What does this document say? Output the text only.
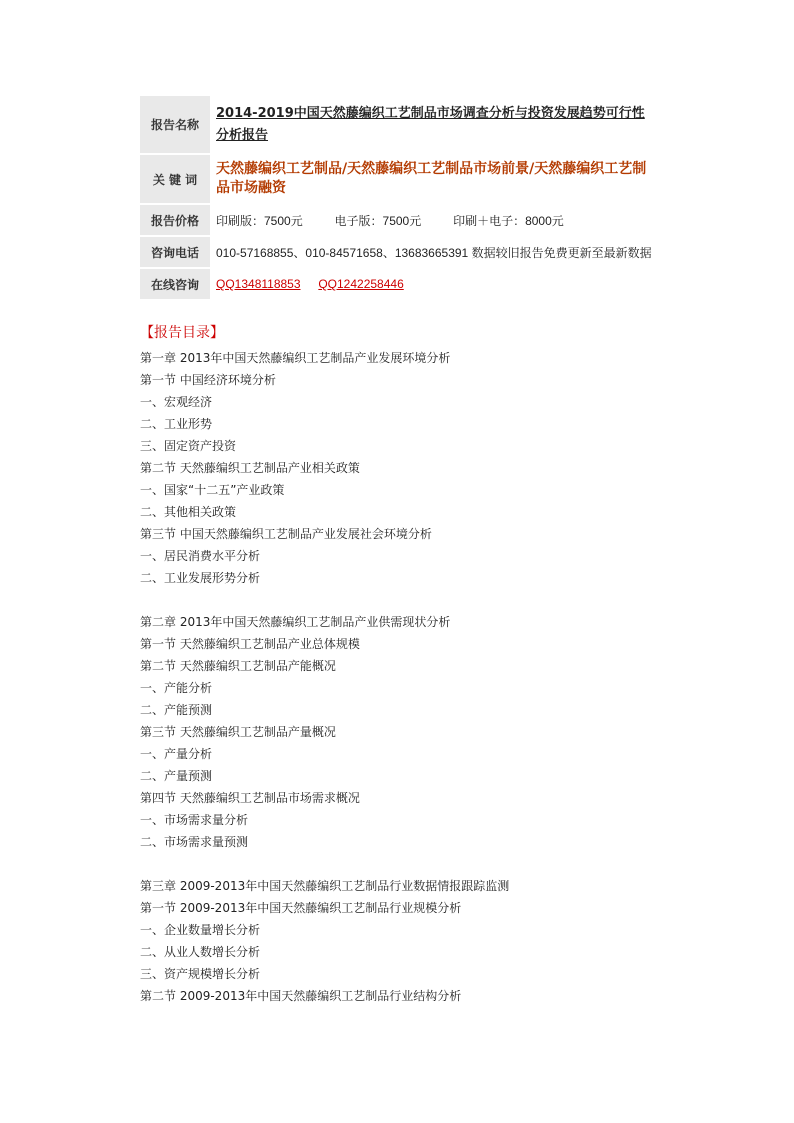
报告名称	2014-2019中国天然藤编织工艺制品市场调查分析与投资发展趋势可行性分析报告
关 键 词	天然藤编织工艺制品/天然藤编织工艺制品市场前景/天然藤编织工艺制品市场融资
报告价格	印刷版：7500元 电子版：7500元 印刷＋电子：8000元
咨询电话	010-57168855、010-84571658、13683665391 数据较旧报告免费更新至最新数据
在线咨询	QQ1348118853 QQ1242258446
【报告目录】
第一章 2013年中国天然藤编织工艺制品产业发展环境分析
第一节 中国经济环境分析
一、宏观经济
二、工业形势
三、固定资产投资
第二节 天然藤编织工艺制品产业相关政策
一、国家“十二五”产业政策
二、其他相关政策
第三节 中国天然藤编织工艺制品产业发展社会环境分析
一、居民消费水平分析
二、工业发展形势分析
第二章 2013年中国天然藤编织工艺制品产业供需现状分析
第一节 天然藤编织工艺制品产业总体规模
第二节 天然藤编织工艺制品产能概况
一、产能分析
二、产能预测
第三节 天然藤编织工艺制品产量概况
一、产量分析
二、产量预测
第四节 天然藤编织工艺制品市场需求概况
一、市场需求量分析
二、市场需求量预测
第三章 2009-2013年中国天然藤编织工艺制品行业数据情报跟踪监测
第一节 2009-2013年中国天然藤编织工艺制品行业规模分析
一、企业数量增长分析
二、从业人数增长分析
三、资产规模增长分析
第二节 2009-2013年中国天然藤编织工艺制品行业结构分析
